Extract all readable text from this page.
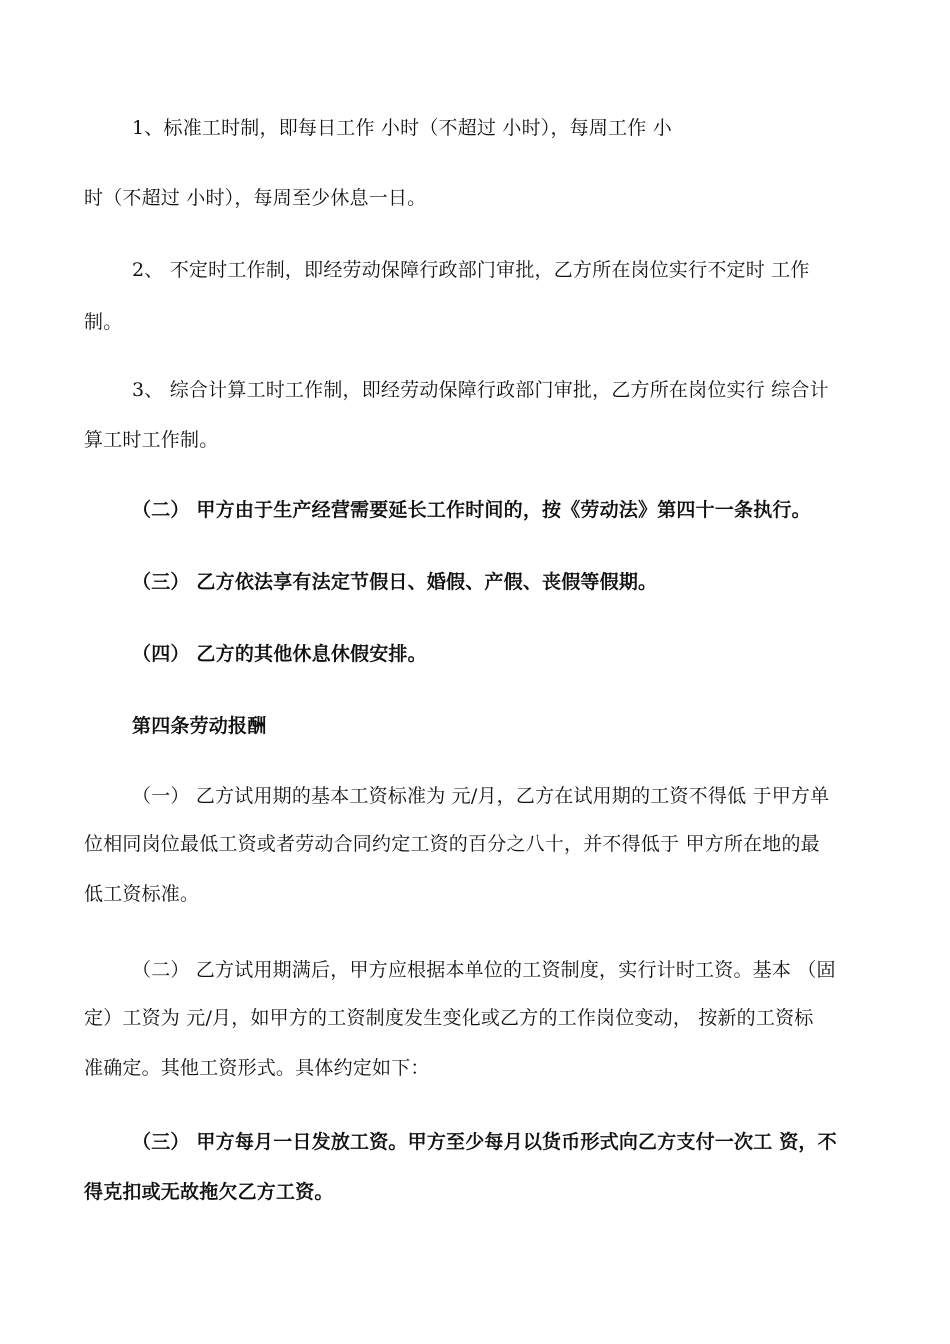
1、标准工时制，即每日工作 小时（不超过 小时），每周工作 小
时（不超过 小时），每周至少休息一日。
2、 不定时工作制，即经劳动保障行政部门审批，乙方所在岗位实行不定时 工作
制。
3、 综合计算工时工作制，即经劳动保障行政部门审批，乙方所在岗位实行 综合计
算工时工作制。
（二） 甲方由于生产经营需要延长工作时间的，按《劳动法》第四十一条执行。
（三） 乙方依法享有法定节假日、婚假、产假、丧假等假期。
（四） 乙方的其他休息休假安排。
第四条劳动报酬
（一） 乙方试用期的基本工资标准为 元/月，乙方在试用期的工资不得低 于甲方单
位相同岗位最低工资或者劳动合同约定工资的百分之八十，并不得低于 甲方所在地的最
低工资标准。
（二） 乙方试用期满后，甲方应根据本单位的工资制度，实行计时工资。基本 （固
定）工资为 元/月，如甲方的工资制度发生变化或乙方的工作岗位变动， 按新的工资标
准确定。其他工资形式。具体约定如下：
（三） 甲方每月一日发放工资。甲方至少每月以货币形式向乙方支付一次工 资，不
得克扣或无故拖欠乙方工资。
